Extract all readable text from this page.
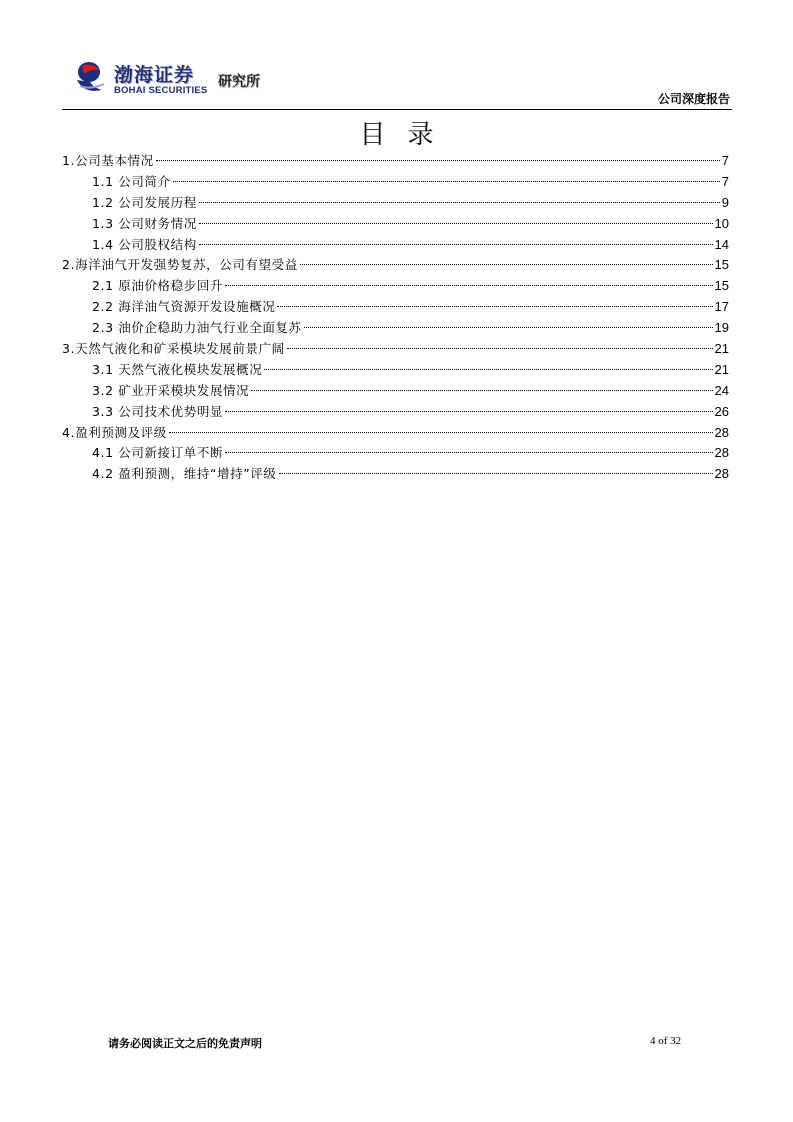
渤海证券
BOHAI SECURITIES
研究所
公司深度报告
目录
1.公司基本情况	7
1.1 公司简介	7
1.2 公司发展历程	9
1.3 公司财务情况	10
1.4 公司股权结构	14
2.海洋油气开发强势复苏，公司有望受益	15
2.1 原油价格稳步回升	15
2.2 海洋油气资源开发设施概况	17
2.3 油价企稳助力油气行业全面复苏	19
3.天然气液化和矿采模块发展前景广阔	21
3.1 天然气液化模块发展概况	21
3.2 矿业开采模块发展情况	24
3.3 公司技术优势明显	26
4.盈利预测及评级	28
4.1 公司新接订单不断	28
4.2 盈利预测，维持“增持”评级	28
请务必阅读正文之后的免责声明	4 of 32
